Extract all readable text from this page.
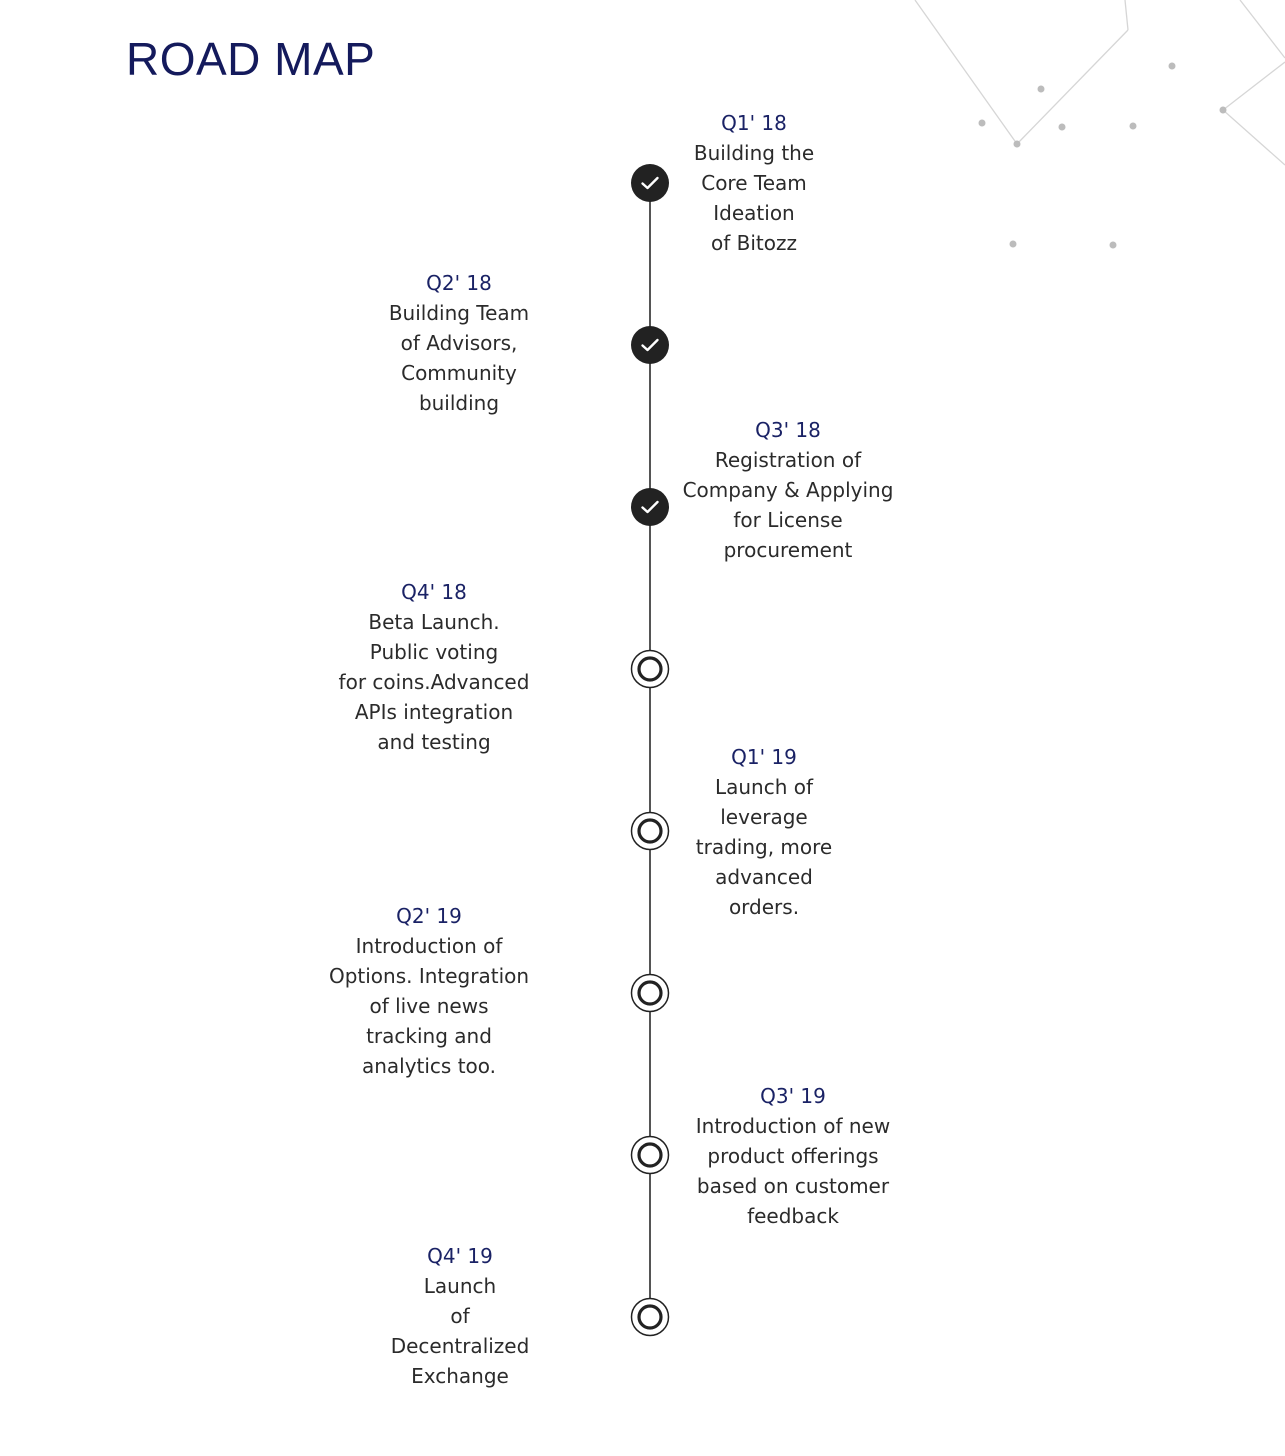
ROAD MAP
Q1' 18
Building the
Core Team
Ideation
of Bitozz
Q2' 18
Building Team
of Advisors,
Community
building
Q3' 18
Registration of
Company & Applying
for License
procurement
Q4' 18
Beta Launch.
Public voting
for coins.Advanced
APIs integration
and testing
Q1' 19
Launch of
leverage
trading, more
advanced
orders.
Q2' 19
Introduction of
Options. Integration
of live news
tracking and
analytics too.
Q3' 19
Introduction of new
product offerings
based on customer
feedback
Q4' 19
Launch
of
Decentralized
Exchange
